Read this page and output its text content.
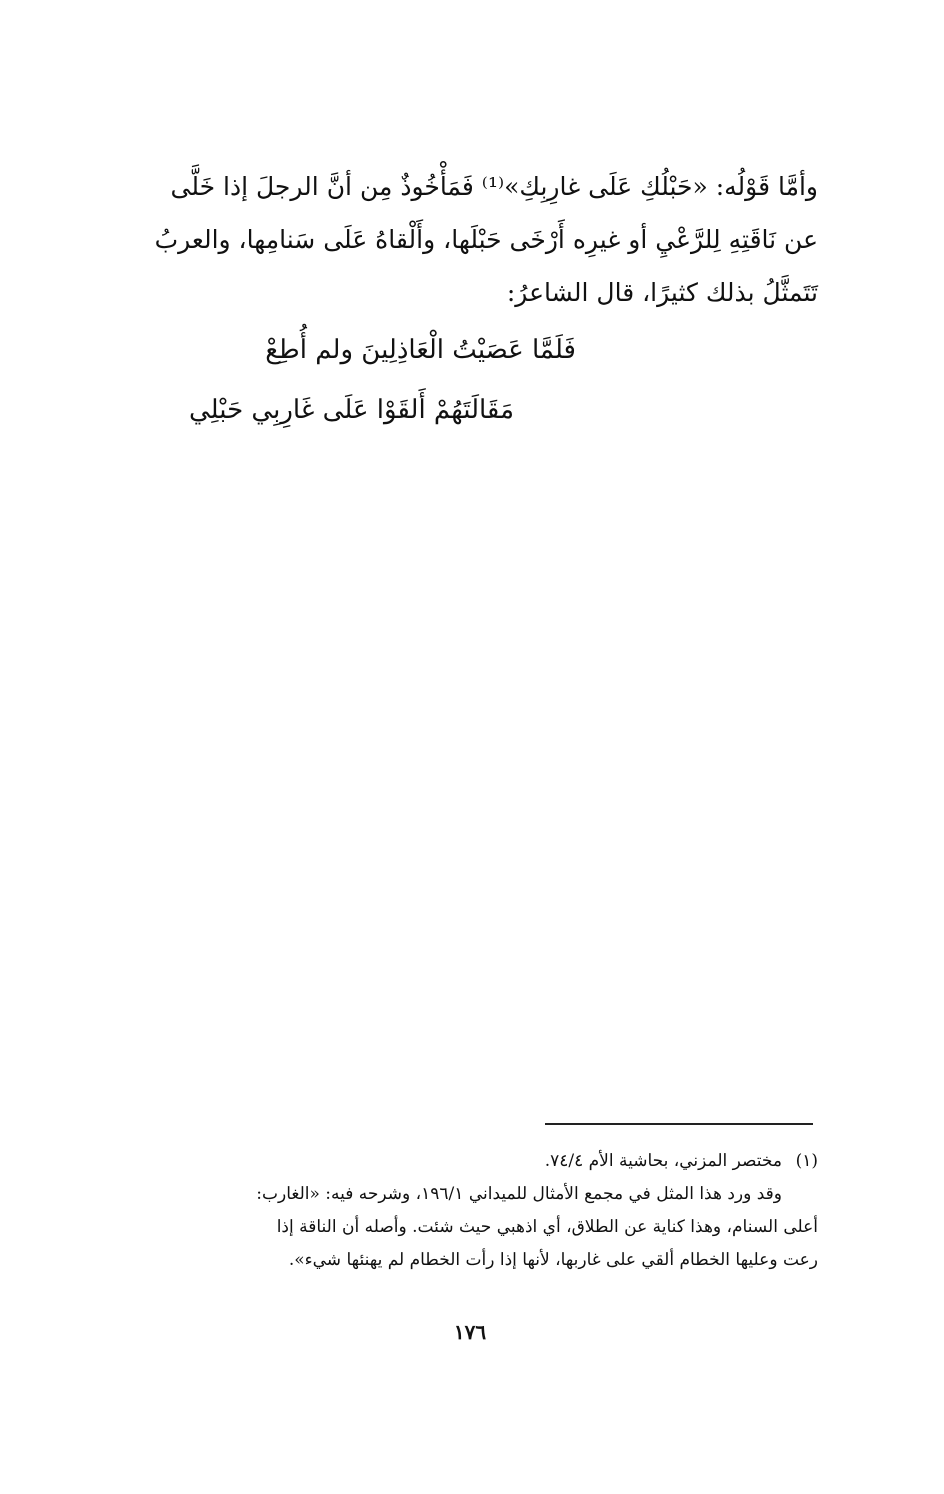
وأمَّا قَوْلُه: «حَبْلُكِ عَلَى غارِبِكِ»⁽¹⁾ فَمَأْخُوذٌ مِن أنَّ الرجلَ إذا خَلَّى
عن نَاقَتِهِ لِلرَّعْيِ أو غيرِه أَرْخَى حَبْلَها، وأَلْقاهُ عَلَى سَنامِها، والعربُ
تَتَمثَّلُ بذلك كثيرًا، قال الشاعرُ:
فَلَمَّا عَصَيْتُ الْعَاذِلِينَ ولم أُطِعْ
مَقَالَتَهُمْ أَلقَوْا عَلَى غَارِبِي حَبْلِي
(١)مختصر المزني، بحاشية الأم ٧٤/٤.
وقد ورد هذا المثل في مجمع الأمثال للميداني ١٩٦/١، وشرحه فيه: «الغارب:
أعلى السنام، وهذا كناية عن الطلاق، أي اذهبي حيث شئت. وأصله أن الناقة إذا
رعت وعليها الخطام ألقي على غاربها، لأنها إذا رأت الخطام لم يهنئها شيء».
١٧٦
